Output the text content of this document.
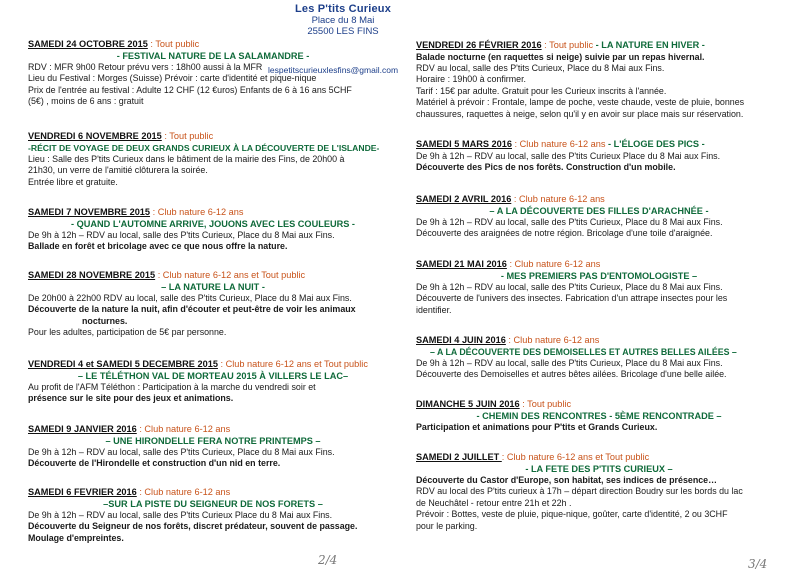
Les P'tits Curieux
Place du 8 Mai
25500 LES FINS
lespetitscurieuxlesfins@gmail.com
SAMEDI 24 OCTOBRE 2015 : Tout public
- FESTIVAL NATURE DE LA SALAMANDRE -
RDV : MFR 9h00 Retour prévu vers : 18h00 aussi à la MFR
Lieu du Festival : Morges (Suisse) Prévoir : carte d'identité et pique-nique
Prix de l'entrée au festival : Adulte 12 CHF (12 €uros) Enfants de 6 à 16 ans 5CHF
(5€) , moins de 6 ans : gratuit
VENDREDI 6 NOVEMBRE 2015 : Tout public
-RÉCIT DE VOYAGE DE DEUX GRANDS CURIEUX À LA DÉCOUVERTE DE L'ISLANDE-
Lieu : Salle des P'tits Curieux dans le bâtiment de la mairie des Fins, de 20h00 à
21h30, un verre de l'amitié clôturera la soirée.
Entrée libre et gratuite.
SAMEDI 7 NOVEMBRE 2015 : Club nature 6-12 ans
- QUAND L'AUTOMNE ARRIVE, JOUONS AVEC LES COULEURS -
De 9h à 12h – RDV au local, salle des P'tits Curieux, Place du 8 Mai aux Fins.
Ballade en forêt et bricolage avec ce que nous offre la nature.
SAMEDI 28 NOVEMBRE 2015 : Club nature 6-12 ans et Tout public
– LA NATURE LA NUIT -
De 20h00 à 22h00 RDV au local, salle des P'tits Curieux, Place du 8 Mai aux Fins.
Découverte de la nature la nuit, afin d'écouter et peut-être de voir les animaux
nocturnes.
Pour les adultes, participation de 5€ par personne.
VENDREDI 4 et SAMEDI 5 DECEMBRE 2015 : Club nature 6-12 ans et Tout public
– LE TÉLÉTHON VAL DE MORTEAU 2015 À VILLERS LE LAC–
Au profit de l'AFM Téléthon : Participation à la marche du vendredi soir et
présence sur le site pour des jeux et animations.
SAMEDI 9 JANVIER 2016 : Club nature 6-12 ans
– UNE HIRONDELLE FERA NOTRE PRINTEMPS –
De 9h à 12h – RDV au local, salle des P'tits Curieux, Place du 8 Mai aux Fins.
Découverte de l'Hirondelle et construction d'un nid en terre.
SAMEDI 6 FEVRIER 2016 : Club nature 6-12 ans
–SUR LA PISTE DU SEIGNEUR DE NOS FORETS –
De 9h à 12h – RDV au local, salle des P'tits Curieux Place du 8 Mai aux Fins.
Découverte du Seigneur de nos forêts, discret prédateur, souvent de passage.
Moulage d'empreintes.
VENDREDI 26 FÉVRIER 2016 : Tout public - LA NATURE EN HIVER -
Balade nocturne (en raquettes si neige) suivie par un repas hivernal.
RDV au local, salle des P'tits Curieux, Place du 8 Mai aux Fins.
Horaire : 19h00 à confirmer.
Tarif : 15€ par adulte. Gratuit pour les Curieux inscrits à l'année.
Matériel à prévoir : Frontale, lampe de poche, veste chaude, veste de pluie, bonnes
chaussures, raquettes à neige, selon qu'il y en avoir sur place mais sur réservation.
SAMEDI 5 MARS 2016 : Club nature 6-12 ans - L'ÉLOGE DES PICS -
De 9h à 12h – RDV au local, salle des P'tits Curieux Place du 8 Mai aux Fins.
Découverte des Pics de nos forêts. Construction d'un mobile.
SAMEDI 2 AVRIL 2016 : Club nature 6-12 ans
– A LA DÉCOUVERTE DES FILLES D'ARACHNÉE -
De 9h à 12h – RDV au local, salle des P'tits Curieux, Place du 8 Mai aux Fins.
Découverte des araignées de notre région. Bricolage d'une toile d'araignée.
SAMEDI 21 MAI 2016 : Club nature 6-12 ans
- MES PREMIERS PAS D'ENTOMOLOGISTE –
De 9h à 12h – RDV au local, salle des P'tits Curieux, Place du 8 Mai aux Fins.
Découverte de l'univers des insectes. Fabrication d'un attrape insectes pour les
identifier.
SAMEDI 4 JUIN 2016 : Club nature 6-12 ans
– A LA DÉCOUVERTE DES DEMOISELLES ET AUTRES BELLES AILÉES –
De 9h à 12h – RDV au local, salle des P'tits Curieux, Place du 8 Mai aux Fins.
Découverte des Demoiselles et autres bêtes ailées. Bricolage d'une belle ailée.
DIMANCHE 5 JUIN 2016 : Tout public
- CHEMIN DES RENCONTRES - 5ÈME RENCONTRADE –
Participation et animations pour P'tits et Grands Curieux.
SAMEDI 2 JUILLET : Club nature 6-12 ans et Tout public
- LA FETE DES P'TITS CURIEUX –
Découverte du Castor d'Europe, son habitat, ses indices de présence…
RDV au local des P'tits curieux à 17h – départ direction Boudry sur les bords du lac
de Neuchâtel - retour entre 21h et 22h .
Prévoir : Bottes, veste de pluie, pique-nique, goûter, carte d'identité, 2 ou 3CHF
pour le parking.
2/4	3/4
